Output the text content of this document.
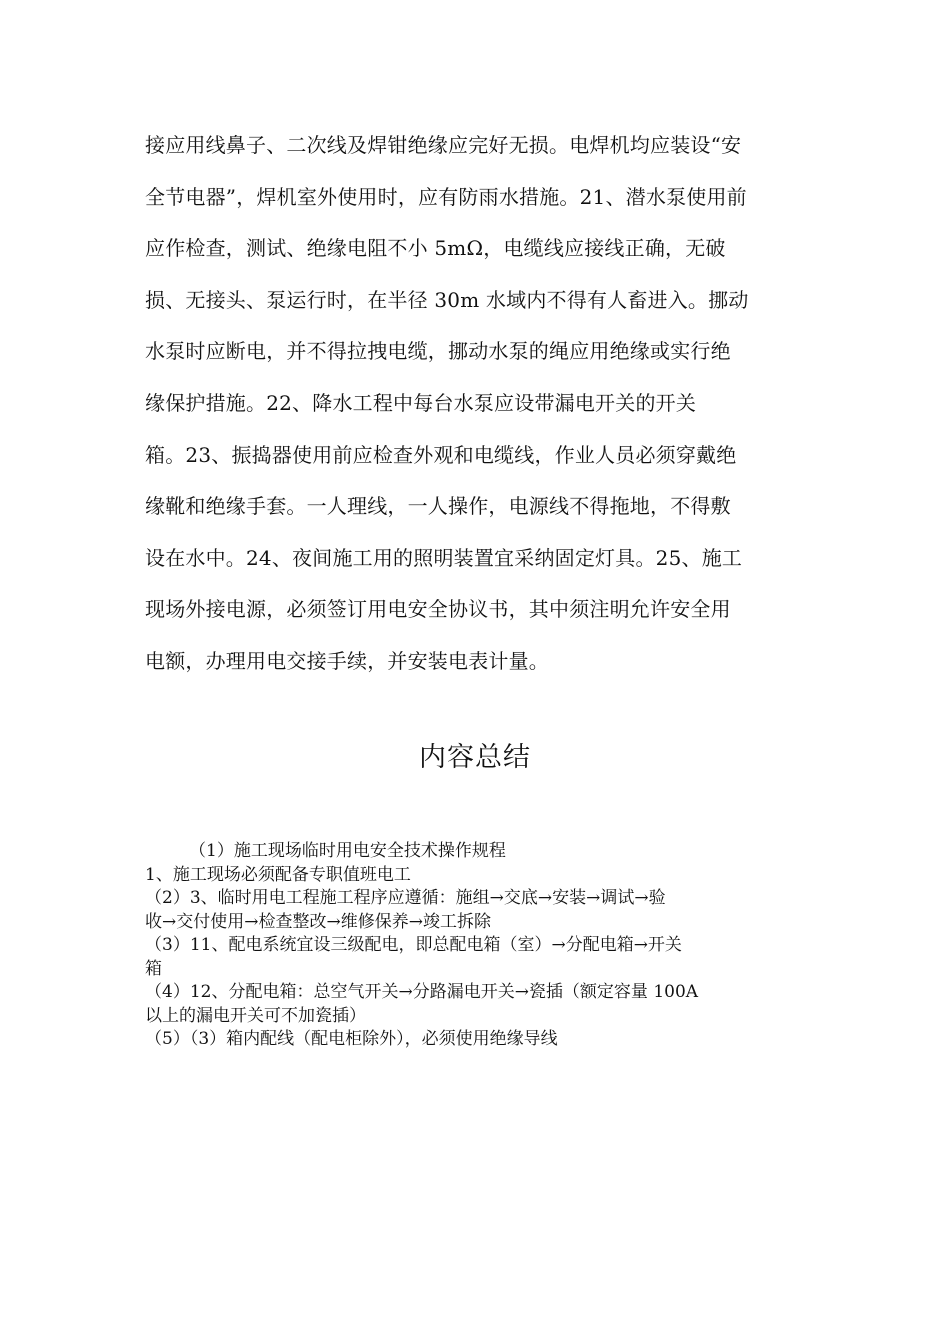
接应用线鼻子、二次线及焊钳绝缘应完好无损。电焊机均应装设“安
全节电器”，焊机室外使用时，应有防雨水措施。21、潜水泵使用前
应作检查，测试、绝缘电阻不小 5mΩ，电缆线应接线正确，无破
损、无接头、泵运行时，在半径 30m 水域内不得有人畜进入。挪动
水泵时应断电，并不得拉拽电缆，挪动水泵的绳应用绝缘或实行绝
缘保护措施。22、降水工程中每台水泵应设带漏电开关的开关
箱。23、振捣器使用前应检查外观和电缆线，作业人员必须穿戴绝
缘靴和绝缘手套。一人理线，一人操作，电源线不得拖地，不得敷
设在水中。24、夜间施工用的照明装置宜采纳固定灯具。25、施工
现场外接电源，必须签订用电安全协议书，其中须注明允许安全用
电额，办理用电交接手续，并安装电表计量。
内容总结
（1）施工现场临时用电安全技术操作规程
1、施工现场必须配备专职值班电工
（2）3、临时用电工程施工程序应遵循：施组→交底→安装→调试→验
收→交付使用→检查整改→维修保养→竣工拆除
（3）11、配电系统宜设三级配电，即总配电箱（室）→分配电箱→开关
箱
（4）12、分配电箱：总空气开关→分路漏电开关→瓷插（额定容量 100A
以上的漏电开关可不加瓷插）
（5）（3）箱内配线（配电柜除外），必须使用绝缘导线
